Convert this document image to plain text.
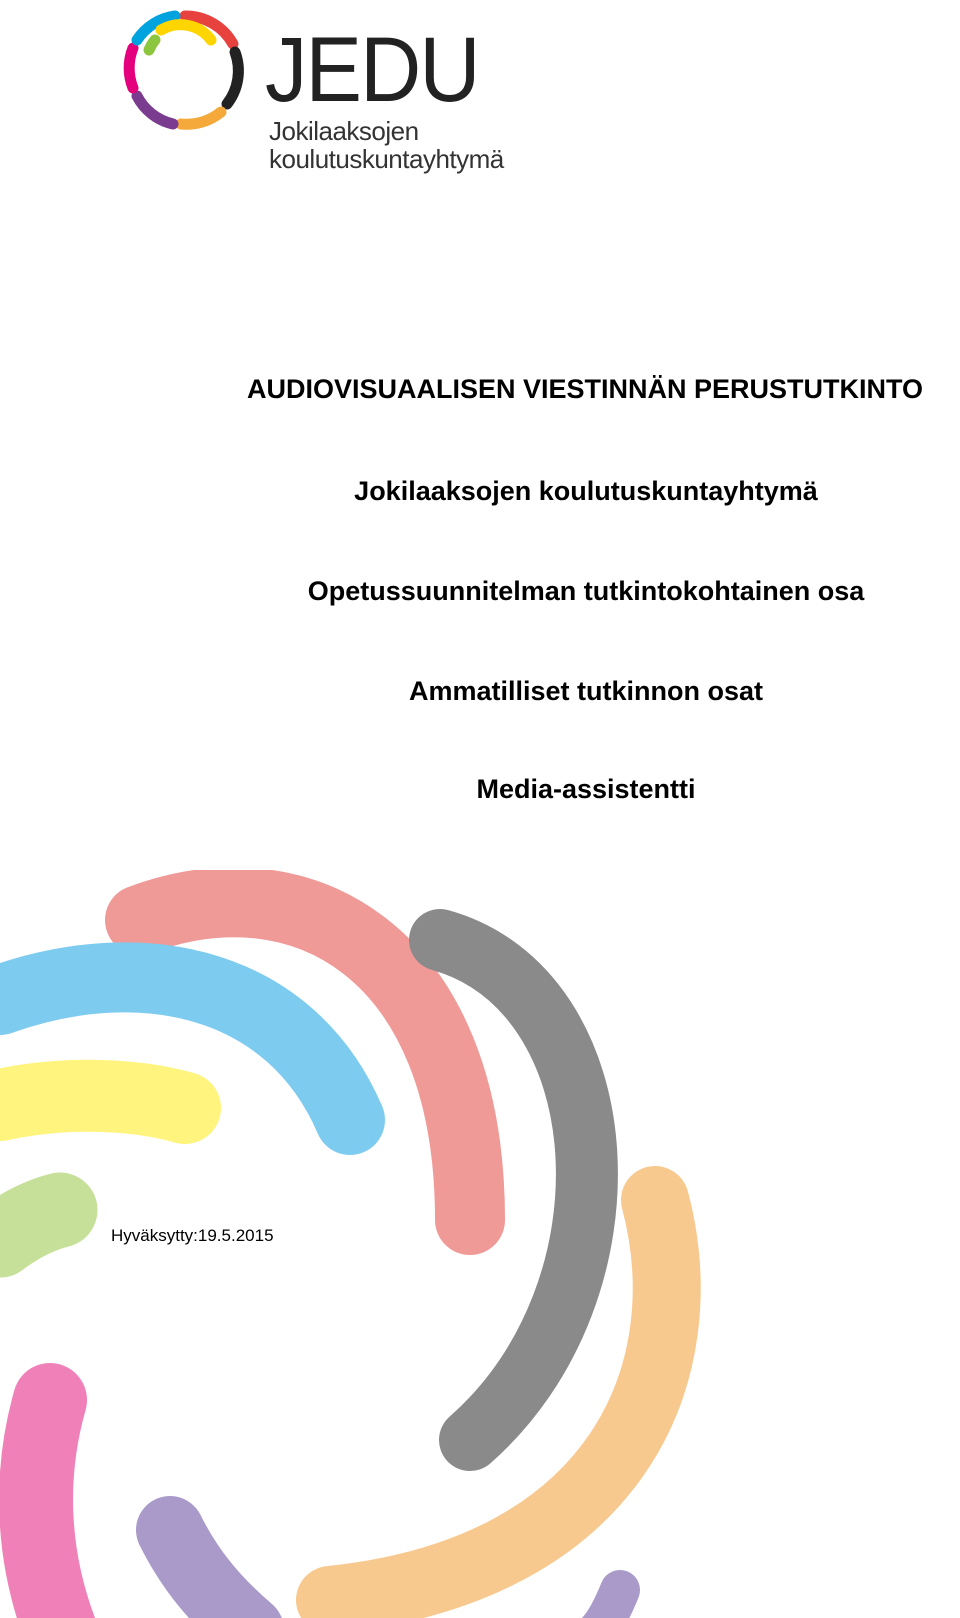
JEDU
Jokilaaksojen
koulutuskuntayhtymä
AUDIOVISUAALISEN VIESTINNÄN PERUSTUTKINTO
Jokilaaksojen koulutuskuntayhtymä
Opetussuunnitelman tutkintokohtainen osa
Ammatilliset tutkinnon osat
Media-assistentti
Hyväksytty:19.5.2015
